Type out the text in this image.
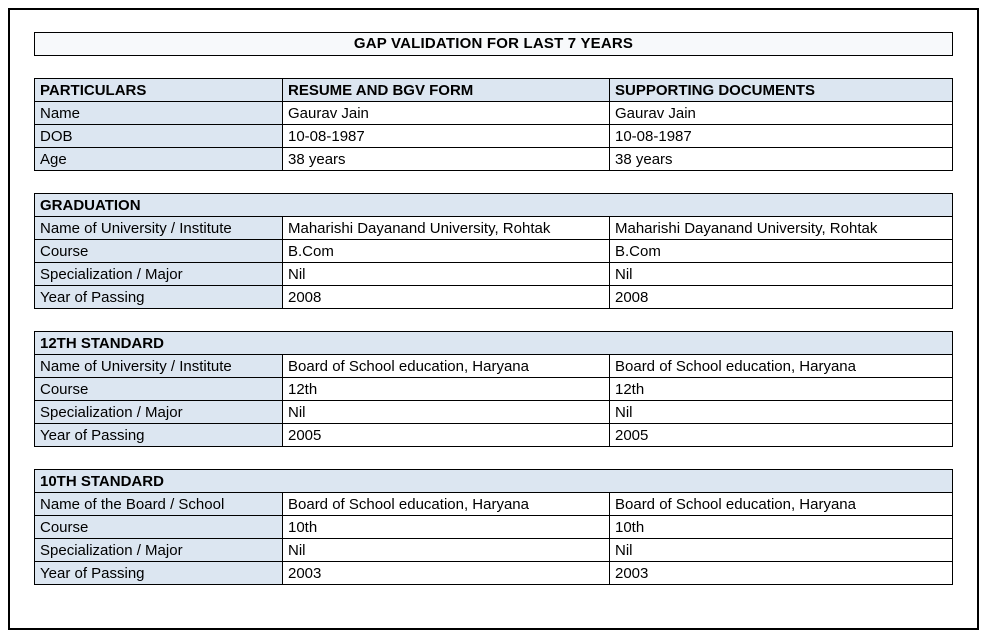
GAP VALIDATION FOR LAST 7 YEARS
PARTICULARS	RESUME AND BGV FORM	SUPPORTING DOCUMENTS
Name	Gaurav Jain	Gaurav Jain
DOB	10-08-1987	10-08-1987
Age	38 years	38 years
GRADUATION		
Name of University / Institute	Maharishi Dayanand University, Rohtak	Maharishi Dayanand University, Rohtak
Course	B.Com	B.Com
Specialization / Major	Nil	Nil
Year of Passing	2008	2008
12TH STANDARD		
Name of University / Institute	Board of School education, Haryana	Board of School education, Haryana
Course	12th	12th
Specialization / Major	Nil	Nil
Year of Passing	2005	2005
10TH STANDARD		
Name of the Board / School	Board of School education, Haryana	Board of School education, Haryana
Course	10th	10th
Specialization / Major	Nil	Nil
Year of Passing	2003	2003
